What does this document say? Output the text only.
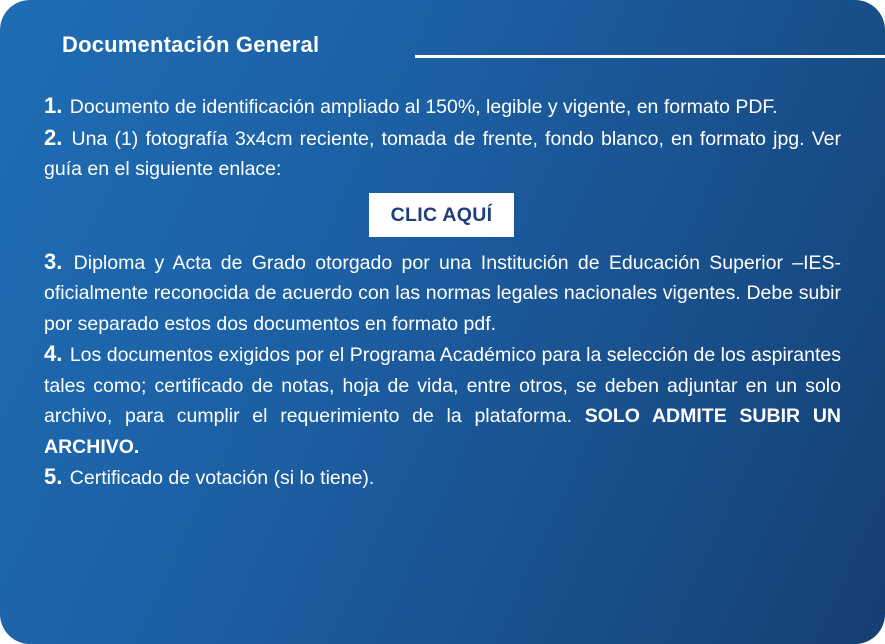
Documentación General

1. Documento de identificación ampliado al 150%, legible y vigente, en formato PDF.

2. Una (1) fotografía 3x4cm reciente, tomada de frente, fondo blanco, en formato jpg. Ver guía en el siguiente enlace:

CLIC AQUÍ

3. Diploma y Acta de Grado otorgado por una Institución de Educación Superior –IES- oficialmente reconocida de acuerdo con las normas legales nacionales vigentes. Debe subir por separado estos dos documentos en formato pdf.

4. Los documentos exigidos por el Programa Académico para la selección de los aspirantes tales como; certificado de notas, hoja de vida, entre otros, se deben adjuntar en un solo archivo, para cumplir el requerimiento de la plataforma. SOLO ADMITE SUBIR UN ARCHIVO.

5. Certificado de votación (si lo tiene).
